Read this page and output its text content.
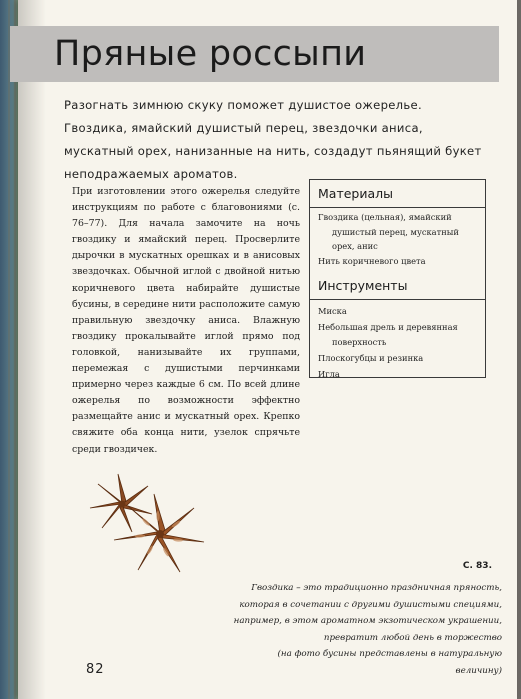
Пряные россыпи

Разогнать зимнюю скуку поможет душистое ожерелье. Гвоздика, ямайский душистый перец, звездочки аниса, мускатный орех, нанизанные на нить, создадут пьянящий букет неподражаемых ароматов.

При изготовлении этого ожерелья следуйте инструкциям по работе с благовониями (с. 76–77). Для начала замочите на ночь гвоздику и ямайский перец. Просверлите дырочки в мускатных орешках и в анисовых звездочках. Обычной иглой с двойной нитью коричневого цвета набирайте душистые бусины, в середине нити расположите самую правильную звездочку аниса. Влажную гвоздику прокалывайте иглой прямо под головкой, нанизывайте их группами, перемежая с душистыми перчинками примерно через каждые 6 см. По всей длине ожерелья по возможности эффектно размещайте анис и мускатный орех. Крепко свяжите оба конца нити, узелок спрячьте среди гвоздичек.

Материалы
Гвоздика (цельная), ямайский душистый перец, мускатный орех, анис
Нить коричневого цвета
Инструменты
Миска
Небольшая дрель и деревянная поверхность
Плоскогубцы и резинка
Игла

С. 83.

Гвоздика – это традиционно праздничная пряность,
которая в сочетании с другими душистыми специями,
например, в этом ароматном экзотическом украшении,
превратит любой день в торжество
(на фото бусины представлены в натуральную величину)

82
